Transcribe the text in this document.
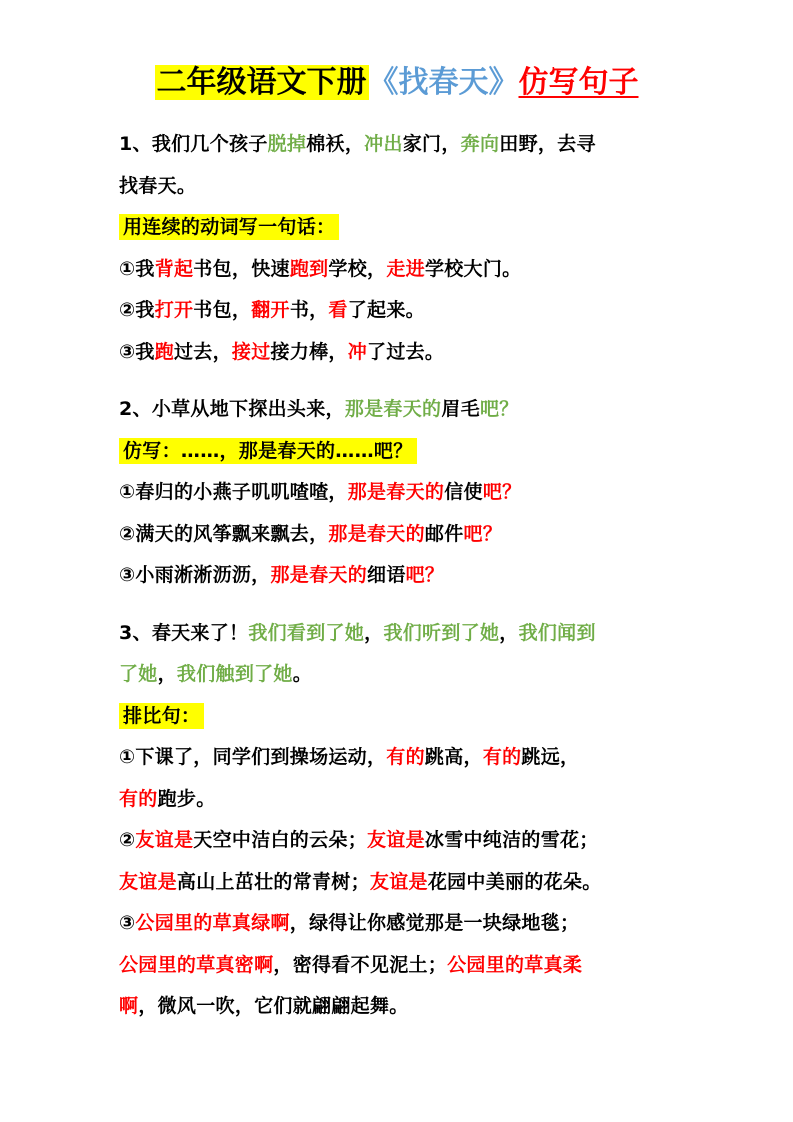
二年级语文下册《找春天》仿写句子
1、我们几个孩子脱掉棉袄，冲出家门，奔向田野，去寻
找春天。
用连续的动词写一句话：
①我背起书包，快速跑到学校，走进学校大门。
②我打开书包，翻开书，看了起来。
③我跑过去，接过接力棒，冲了过去。
2、小草从地下探出头来，那是春天的眉毛吧？
仿写：……，那是春天的……吧？
①春归的小燕子叽叽喳喳，那是春天的信使吧？
②满天的风筝飘来飘去，那是春天的邮件吧？
③小雨淅淅沥沥，那是春天的细语吧？
3、春天来了！我们看到了她，我们听到了她，我们闻到
了她，我们触到了她。
排比句：
①下课了，同学们到操场运动，有的跳高，有的跳远，
有的跑步。
②友谊是天空中洁白的云朵；友谊是冰雪中纯洁的雪花；
友谊是高山上茁壮的常青树；友谊是花园中美丽的花朵。
③公园里的草真绿啊，绿得让你感觉那是一块绿地毯；
公园里的草真密啊，密得看不见泥土；公园里的草真柔
啊，微风一吹，它们就翩翩起舞。
